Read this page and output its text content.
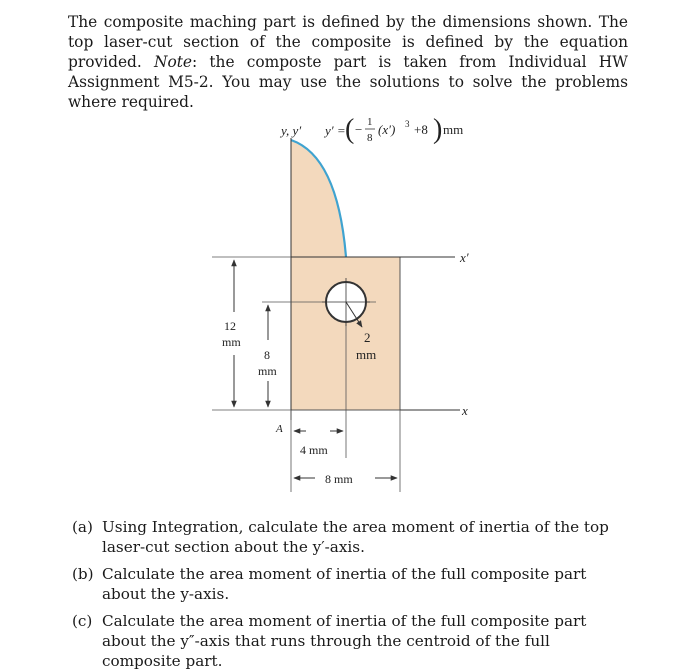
The composite maching part is defined by the dimensions shown. The top laser-cut section of the composite is defined by the equation provided. Note: the composte part is taken from Individual HW Assignment M5-2. You may use the solutions to solve the problems where required.
y, y′ y′ = ( − 1
8
(x′) 3 +8 ) mm
x′
x
12
mm
8
mm
2
mm
A
4 mm
8 mm
(a) Using Integration, calculate the area moment of inertia of the top laser-cut section about the y′-axis.
(b) Calculate the area moment of inertia of the full composite part about the y-axis.
(c) Calculate the area moment of inertia of the full composite part about the y″-axis that runs through the centroid of the full composite part.
